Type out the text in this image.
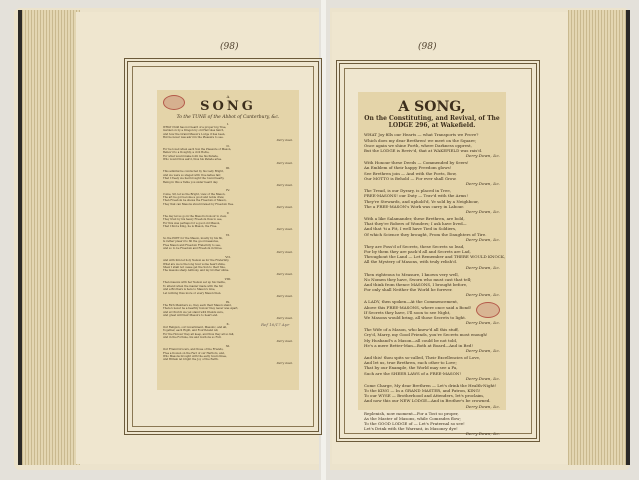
(98)	(98)
A
SONG
To the TUNE of the Abbot of Canterbury, &c.
I.
WHAT Child has not heard of a proper big Tree,
Garded on by a Dragon by old Hercules fam'd,
And how the Grand Mason's Lodge it has been,
But he never was ask'd in the Pleasure to see.
Derry down.
II.
For he loved when each Son the Pleasure of Mason,
Believ'd to a Doughty, a civil Bodie,
For what would make both me his Parade,
Who would thus ask'd, thus his Parade arise.
Derry down.
III.
This admiral he conducted by his Lady Bright,
And we were so staged with true ladies fair,
That I freely we had brought the round hearty,
Being in this a Table you sister heard day.
Derry down.
IV.
Come, Sir, let us the Bright, view of the Mason,
The art he got become a good and noble drew,
Then Freedom be shews the Freedom of Mason,
They that can Masons should raised by Freedom free.
Derry down.
V.
The day let us go in the Mason's honour to view,
They trust by his heavy Freedom thus to see,
For this was perhaps for a good old Mason,
That I find a King, he is Mason, the Free.
Derry down.
VI.
So the POET for the Mason, mostly by his fib,
Is rather pleas'd to fill the good measures,
Free Mason and Freedom Fraternity to see,
And so to be Freedom and Freedom in three.
Derry down.
VII.
And with him let holy Nelson as for the Fraternity,
What are we is the long hour some heart shine,
Shew I shall not cease get the Sun to their fine,
The masons sharp Anthony, and my brother shine.
Derry down.
VIII.
Then masons with her Nelson set up his Castle,
To attend when the master made with the Sir,
And a Brothers is here to Mason's Line,
Let nothing thus more or every Mason then.
Derry down.
IX.
The Rich Members so, they each their Mason stand,
There's never be a heartily honour they never was Apart,
And at Church we yet stand with friends sure,
And great will their Mason's to heart end.
Derry down.
X.
Our Religion, our Government, Masonic, and all,
Together, each Right, and Fourth-land All,
For the Honour they all keep, and thus they all so fall,
And in the Fortune, his and Gordons so Full.
Derry down.
XI.
Our Friend Grocers, and those of the Friends,
Free a Dowen on the Fact of our Heritors, and,
Who Masons brought with the early hours Knee,
And Britain let bright the Joy of the Earth.
Derry down.
Ref 16/17 Apr
A SONG,
On the Constituting, and Revival, of The LODGE 296, at Wakefield.
WHAT Joy fills our Hearts — what Transports we Prove?
Which does my dear Brethren! we meet on the Square;
Once again we shine Forth, where Darkness opprest,
But the LODGE is Reviv'd, that at WAKEFIELD was rais'd.
Derry Down, &c.
With Honour these Deeds — Commended by Seers!
An Emblem of their happy Freedom glows!
See Brethren join — And with the Poets, Bow,
Our MOTTO is Behold — For ever shall Grow.
Derry Down, &c.
The Tread, is our Dyrary, is placed in Tree,
FREE-MASONS! our Duty — Trav'd with the Arms!
They're Stewards, and uphold'd, Ye sold by a Neighbour,
The a FREE-MASON's Work was carry in Labour.
Derry Down, &c.
With a like Salamander, these Brethren, are bold,
That they're Robers of Wonders; I ask have lived—
And that 'ti a Fit, I well have Tied in Soldiers,
Of which Science they brought, From the Daughters of Tire.
Derry Down, &c.
They are Poss'd of Secrets, these Secrets so lead,
For by them they are pack'd all and Secrets are Lad,
Throughout the Land — Let Remember and THERE WOULD KNOCK,
All the Mystery of Masons, with truly relish'd.
Derry Down, &c.
Then righteous to Measure, I known very well,
No Nomen they have, Sworn who must cast that tell;
And think from thence MASONS, I brought before,
For only shall Neither the World he forever.
Derry Down, &c.
A LADY, then spoken—At the Commencement,
Above this FREE-MASONS, where once said a Bond!
If Secrets they have, I'll soon to see Night,
We Masons would bring, all those Secrets to light.
Derry Down, &c.
The Wife of a Mason, who knew'd all this stuff,
Cry'd, Marry, my Good Friends, you're Secrets most enough!
My Husband's a Mason—all could be not told,
He's a mere Better-Man—Both at Board—And in Bed!
Derry Down, &c.
And this! thou spits so-called, Their Excellencies of Love,
And let us, true Brethren, each other to Love;
That by our Example, the World may see a Fa,
Such are the SHEER LAWS of a FREE-MASON!
Derry Down, &c.
Come Charge, My dear Brethren — Let's drink the Health-Night!
To the KING — In a GRAND MASTER, and Patron, KING!
To our WYSE — Brotherhood and Attenders, let's proclaim,
And now this our NEW LODGE—And in Brother's be crowned.
Derry Down, &c.
Replenish, now moment—For a Tost so proper,
As the Master of Masons, while Comrades flow;
To the GOOD LODGE of — Let's Fraternal so see!
Let's Drink with the Warrant, in Masonry dye!
Derry Down, &c.
